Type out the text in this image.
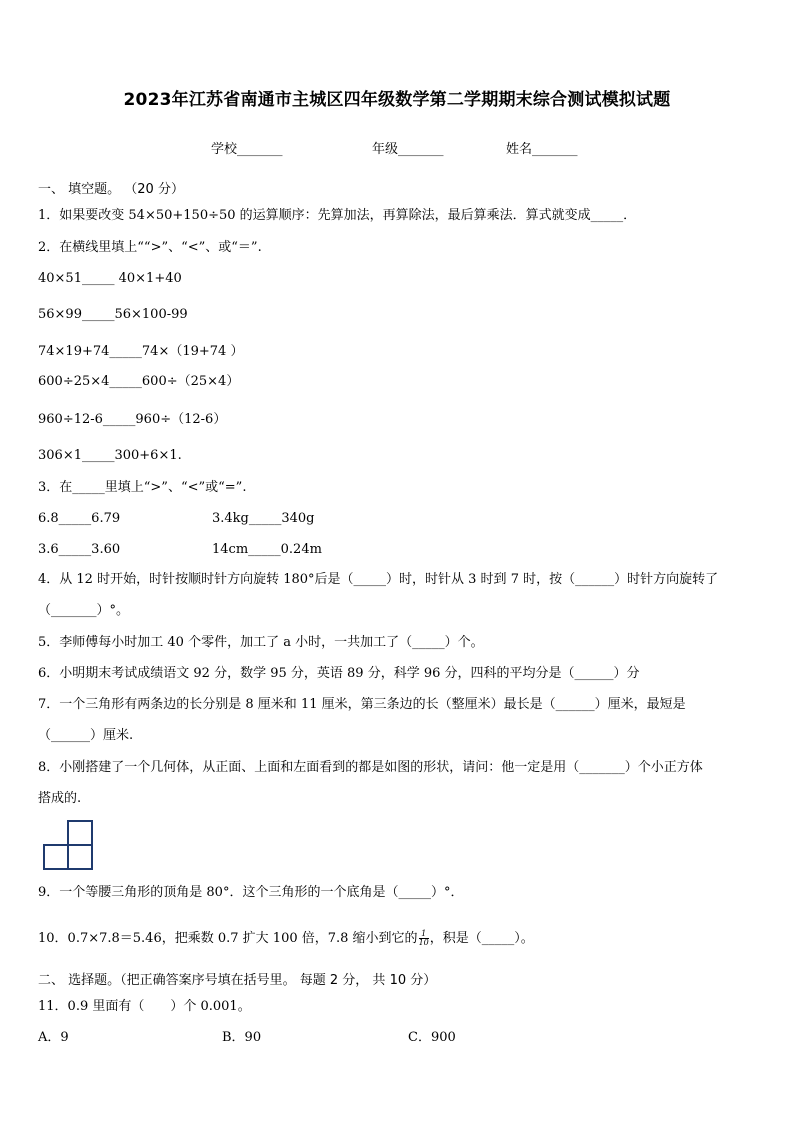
2023年江苏省南通市主城区四年级数学第二学期期末综合测试模拟试题
学校_______	年级_______	姓名_______
一、 填空题。 （20 分）
1．如果要改变 54×50+150÷50 的运算顺序：先算加法，再算除法，最后算乘法．算式就变成_____．
2．在横线里填上““>”、“<”、或“＝”.
40×51_____ 40×1+40
56×99_____56×100-99
74×19+74_____74×（19+74 ）
600÷25×4_____600÷（25×4）
960÷12-6_____960÷（12-6）
306×1_____300+6×1.
3．在_____里填上“>”、“<”或“=”.
6.8_____6.79	3.4kg_____340g
3.6_____3.60	14cm_____0.24m
4．从 12 时开始，时针按顺时针方向旋转 180°后是（_____）时，时针从 3 时到 7 时，按（______）时针方向旋转了
（_______）°。
5．李师傅每小时加工 40 个零件，加工了 a 小时，一共加工了（_____）个。
6．小明期末考试成绩语文 92 分，数学 95 分，英语 89 分，科学 96 分，四科的平均分是（______）分
7．一个三角形有两条边的长分别是 8 厘米和 11 厘米，第三条边的长（整厘米）最长是（______）厘米，最短是
（______）厘米.
8．小刚搭建了一个几何体，从正面、上面和左面看到的都是如图的形状，请问：他一定是用（_______）个小正方体
搭成的.
9．一个等腰三角形的顶角是 80°．这个三角形的一个底角是（_____）°．
10．0.7×7.8＝5.46，把乘数 0.7 扩大 100 倍，7.8 缩小到它的 $\frac{1}{10}$ ，积是（_____）。
二、 选择题。（把正确答案序号填在括号里。 每题 2 分， 共 10 分）
11．0.9 里面有（　　）个 0.001。
A．9	B．90	C．900
